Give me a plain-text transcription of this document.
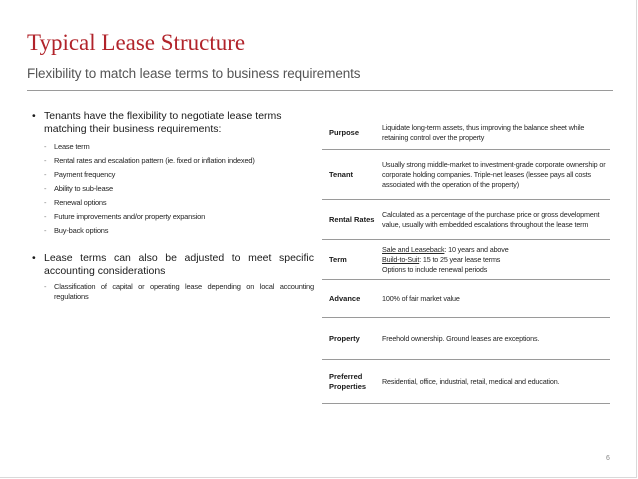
Typical Lease Structure
Flexibility to match lease terms to business requirements
• Tenants have the flexibility to negotiate lease terms matching their business requirements:
- Lease term
- Rental rates and escalation pattern (ie. fixed or inflation indexed)
- Payment frequency
- Ability to sub-lease
- Renewal options
- Future improvements and/or property expansion
- Buy-back options
• Lease terms can also be adjusted to meet specific accounting considerations
- Classification of capital or operating lease depending on local accounting regulations
Purpose
Liquidate long-term assets, thus improving the balance sheet while retaining control over the property
Tenant
Usually strong middle-market to investment-grade corporate ownership or corporate holding companies. Triple-net leases (lessee pays all costs associated with the operation of the property)
Rental Rates
Calculated as a percentage of the purchase price or gross development value, usually with embedded escalations throughout the lease term
Term
Sale and Leaseback: 10 years and above
Build-to-Suit: 15 to 25 year lease terms
Options to include renewal periods
Advance	100% of fair market value
Property	Freehold ownership. Ground leases are exceptions.
Preferred Properties
Residential, office, industrial, retail, medical and education.
6
